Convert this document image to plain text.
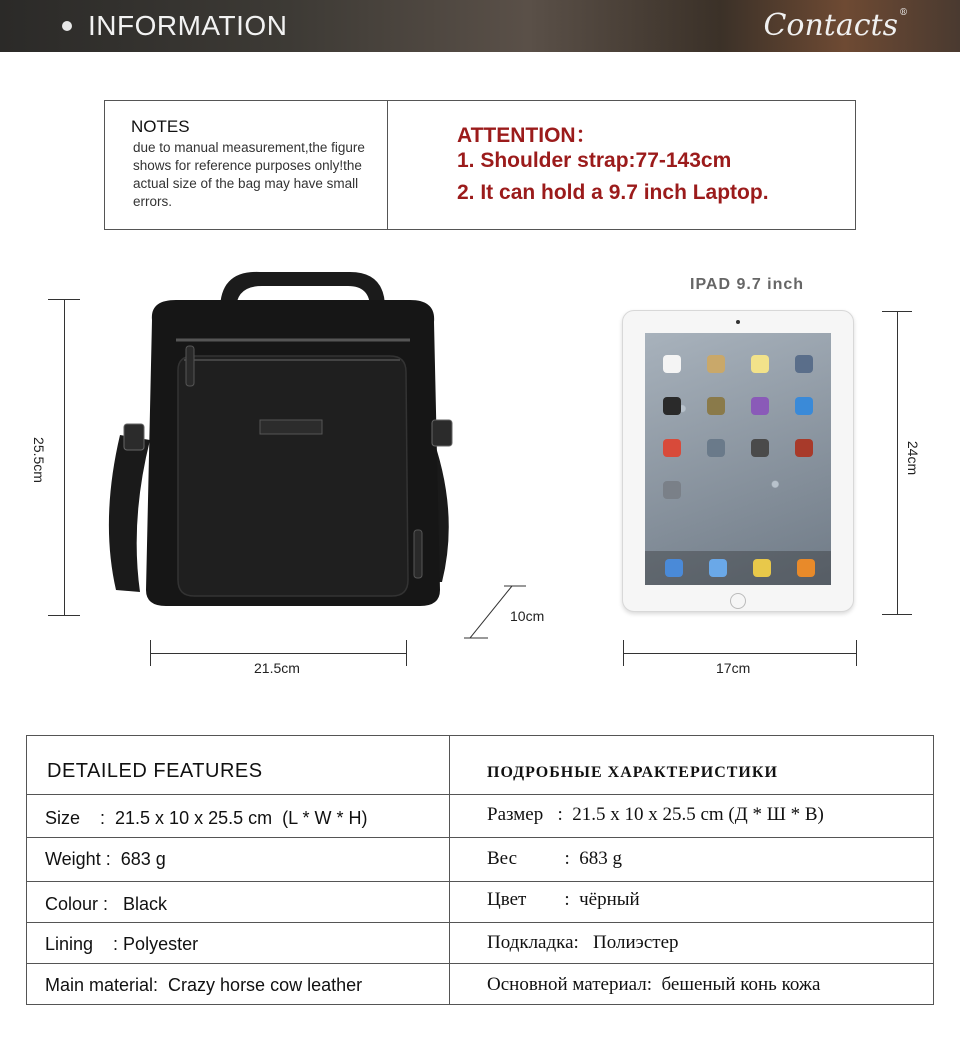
INFORMATION	Contacts®
NOTES
due to manual measurement,the figure shows for reference purposes only!the actual size of the bag may have small errors.
ATTENTION：
1. Shoulder strap:77-143cm
2. It can hold a 9.7 inch Laptop.
25.5cm
21.5cm
10cm
IPAD 9.7 inch
24cm
17cm
DETAILED FEATURES	ПОДРОБНЫЕ ХАРАКТЕРИСТИКИ
Size    :  21.5 x 10 x 25.5 cm  (L * W * H)	Размер   :  21.5 x 10 x 25.5 cm (Д * Ш * В)
Weight :  683 g	Вес          :  683 g
Colour :   Black	Цвет        :  чёрный
Lining    : Polyester	Подкладка:   Полиэстер
Main material:  Crazy horse cow leather	Основной материал:  бешеный конь кожа
